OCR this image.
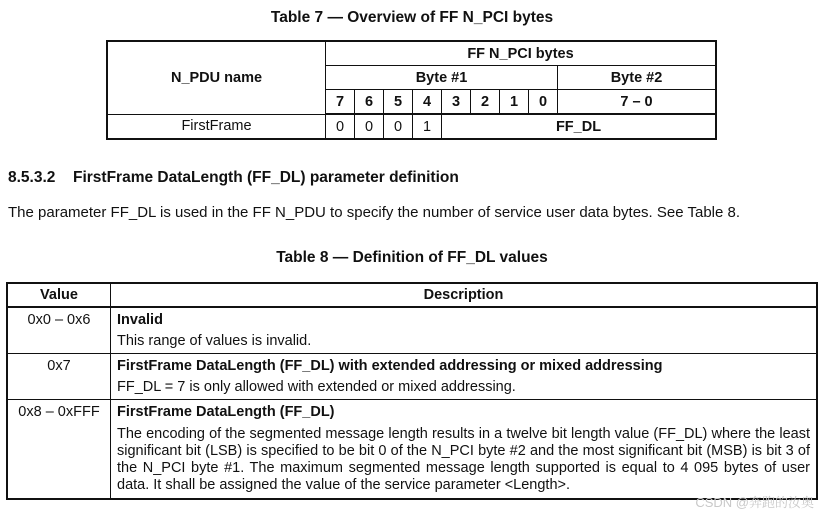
Table 7 — Overview of FF N_PCI bytes
N_PDU name	FF N_PCI bytes								
	Byte #1								Byte #2
	7	6	5	4	3	2	1	0	7 – 0
FirstFrame	0	0	0	1	FF_DL				
8.5.3.2 FirstFrame DataLength (FF_DL) parameter definition
The parameter FF_DL is used in the FF N_PDU to specify the number of service user data bytes. See Table 8.
Table 8 — Definition of FF_DL values
Value	Description
0x0 – 0x6	Invalid
	This range of values is invalid.
0x7	FirstFrame DataLength (FF_DL) with extended addressing or mixed addressing
	FF_DL = 7 is only allowed with extended or mixed addressing.
0x8 – 0xFFF	FirstFrame DataLength (FF_DL)
	The encoding of the segmented message length results in a twelve bit length value (FF_DL) where the least significant bit (LSB) is specified to be bit 0 of the N_PCI byte #2 and the most significant bit (MSB) is bit 3 of the N_PCI byte #1. The maximum segmented message length supported is equal to 4 095 bytes of user data. It shall be assigned the value of the service parameter <Length>.
CSDN @奔跑的汝奥
